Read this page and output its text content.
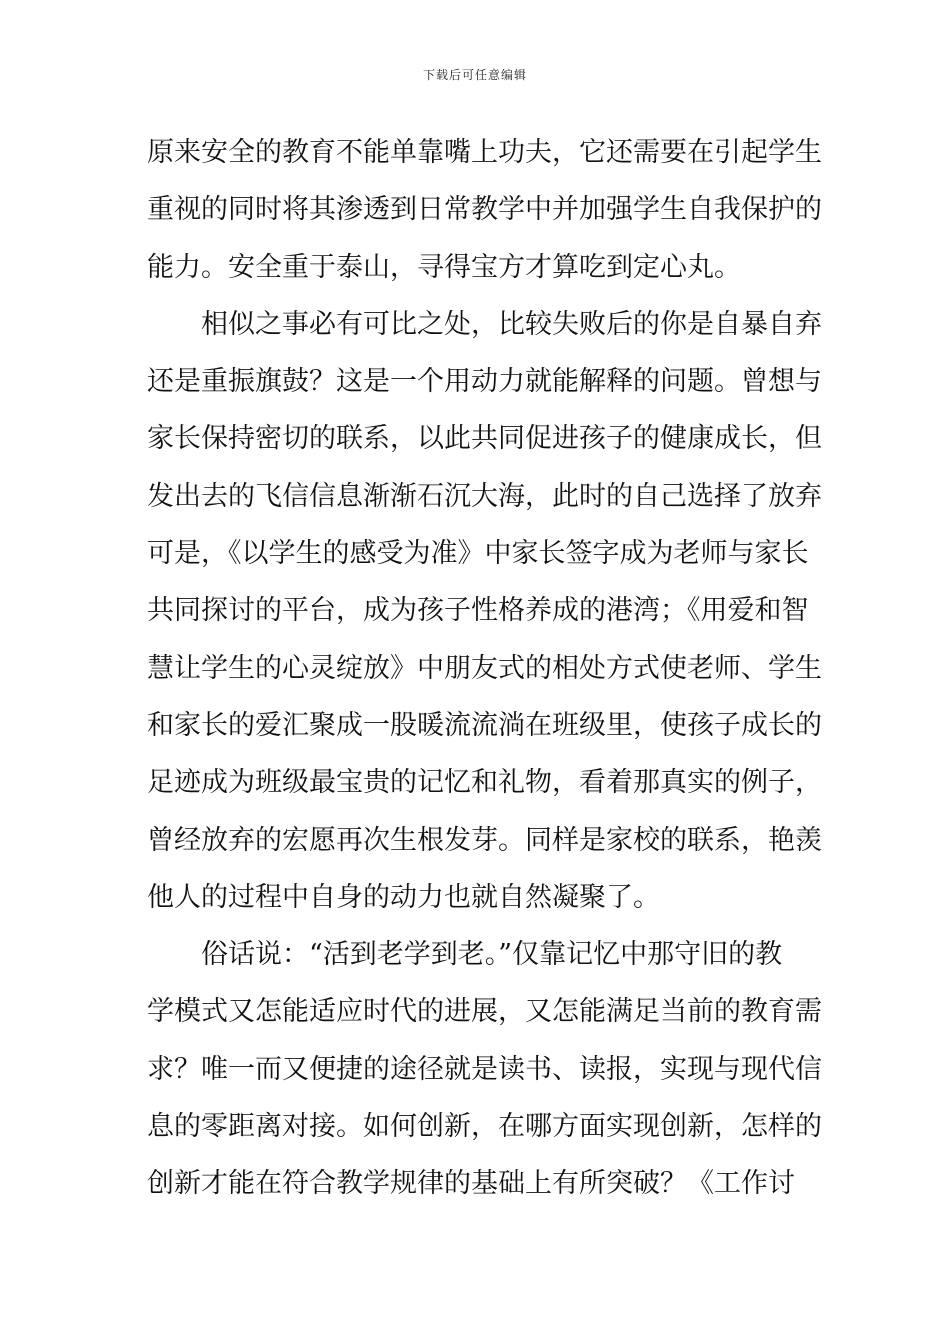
下载后可任意编辑
原来安全的教育不能单靠嘴上功夫，它还需要在引起学生
重视的同时将其渗透到日常教学中并加强学生自我保护的
能力。安全重于泰山，寻得宝方才算吃到定心丸。
相似之事必有可比之处，比较失败后的你是自暴自弃
还是重振旗鼓？这是一个用动力就能解释的问题。曾想与
家长保持密切的联系，以此共同促进孩子的健康成长，但
发出去的飞信信息渐渐石沉大海，此时的自己选择了放弃
可是，《以学生的感受为准》中家长签字成为老师与家长
共同探讨的平台，成为孩子性格养成的港湾；《用爱和智
慧让学生的心灵绽放》中朋友式的相处方式使老师、学生
和家长的爱汇聚成一股暖流流淌在班级里，使孩子成长的
足迹成为班级最宝贵的记忆和礼物，看着那真实的例子，
曾经放弃的宏愿再次生根发芽。同样是家校的联系，艳羡
他人的过程中自身的动力也就自然凝聚了。
俗话说：“活到老学到老。”仅靠记忆中那守旧的教
学模式又怎能适应时代的进展，又怎能满足当前的教育需
求？唯一而又便捷的途径就是读书、读报，实现与现代信
息的零距离对接。如何创新，在哪方面实现创新，怎样的
创新才能在符合教学规律的基础上有所突破？《工作讨
